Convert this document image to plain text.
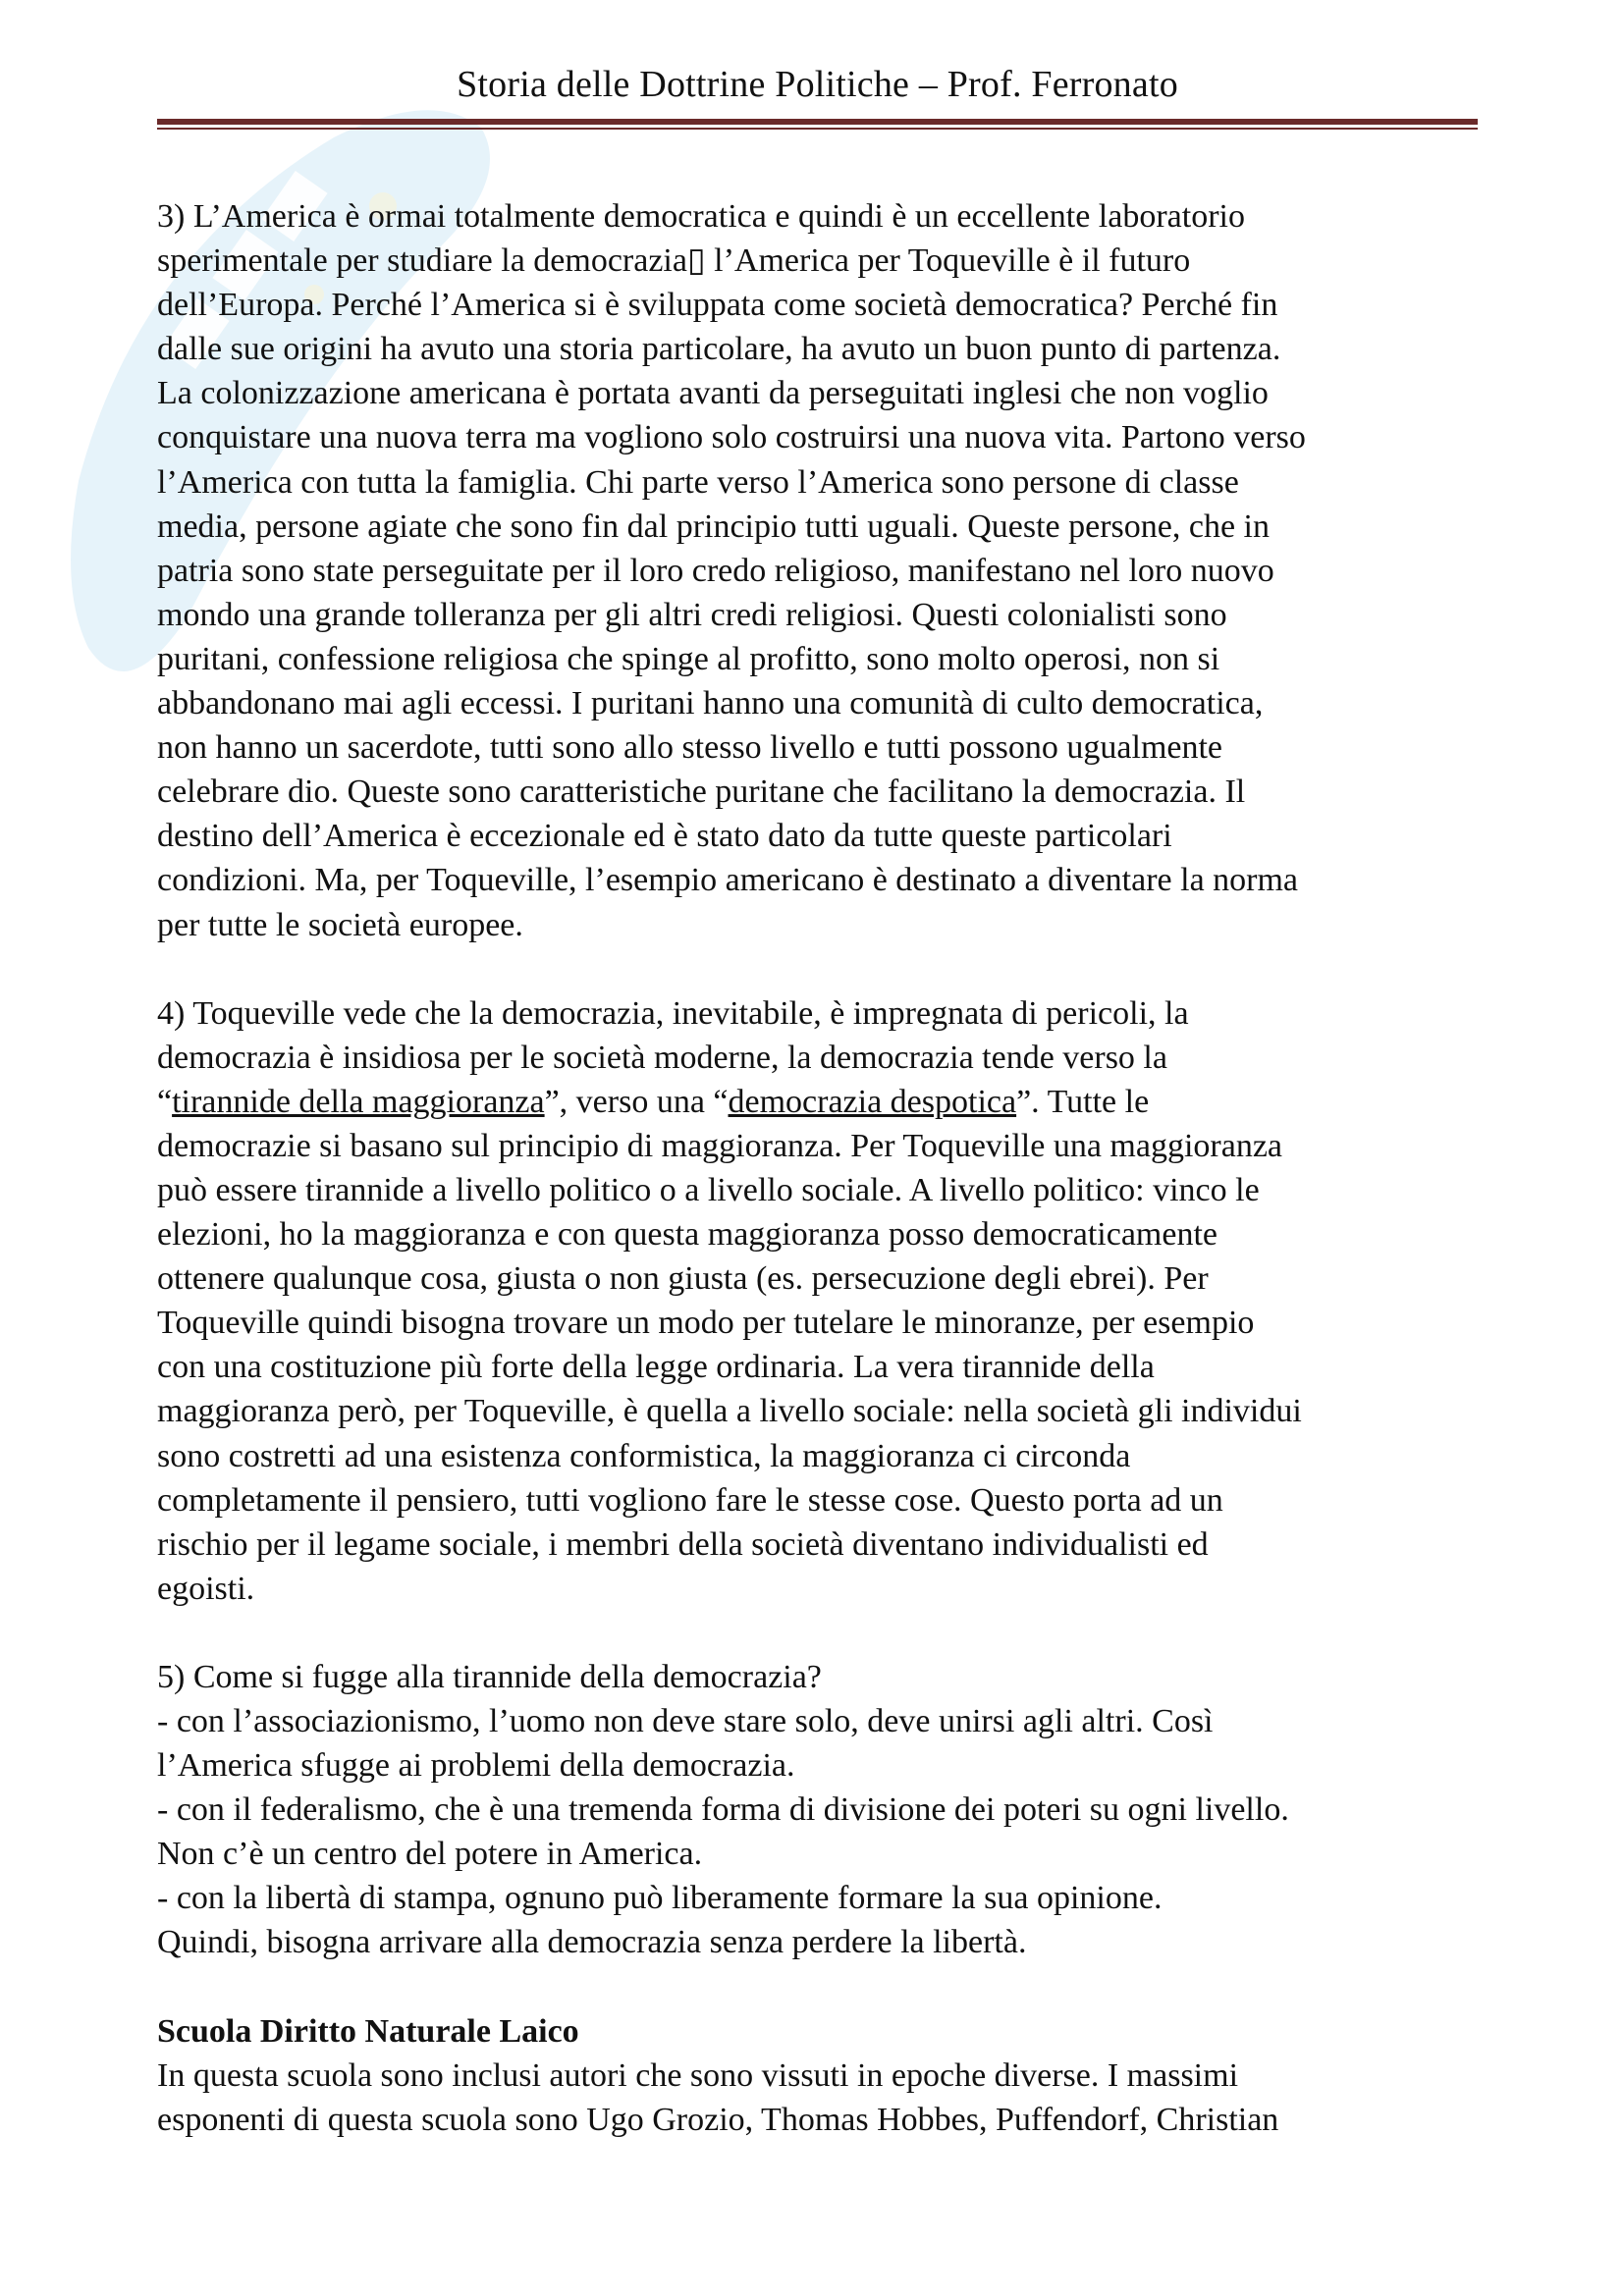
Storia delle Dottrine Politiche – Prof. Ferronato
3) L’America è ormai totalmente democratica e quindi è un eccellente laboratorio
sperimentale per studiare la democrazia▯ l’America per Toqueville è il futuro
dell’Europa. Perché l’America si è sviluppata come società democratica? Perché fin
dalle sue origini ha avuto una storia particolare, ha avuto un buon punto di partenza.
La colonizzazione americana è portata avanti da perseguitati inglesi che non voglio
conquistare una nuova terra ma vogliono solo costruirsi una nuova vita. Partono verso
l’America con tutta la famiglia. Chi parte verso l’America sono persone di classe
media, persone agiate che sono fin dal principio tutti uguali. Queste persone, che in
patria sono state perseguitate per il loro credo religioso, manifestano nel loro nuovo
mondo una grande tolleranza per gli altri credi religiosi. Questi colonialisti sono
puritani, confessione religiosa che spinge al profitto, sono molto operosi, non si
abbandonano mai agli eccessi. I puritani hanno una comunità di culto democratica,
non hanno un sacerdote, tutti sono allo stesso livello e tutti possono ugualmente
celebrare dio. Queste sono caratteristiche puritane che facilitano la democrazia. Il
destino dell’America è eccezionale ed è stato dato da tutte queste particolari
condizioni. Ma, per Toqueville, l’esempio americano è destinato a diventare la norma
per tutte le società europee.
4) Toqueville vede che la democrazia, inevitabile, è impregnata di pericoli, la
democrazia è insidiosa per le società moderne, la democrazia tende verso la
“tirannide della maggioranza”, verso una “democrazia despotica”. Tutte le
democrazie si basano sul principio di maggioranza. Per Toqueville una maggioranza
può essere tirannide a livello politico o a livello sociale. A livello politico: vinco le
elezioni, ho la maggioranza e con questa maggioranza posso democraticamente
ottenere qualunque cosa, giusta o non giusta (es. persecuzione degli ebrei). Per
Toqueville quindi bisogna trovare un modo per tutelare le minoranze, per esempio
con una costituzione più forte della legge ordinaria. La vera tirannide della
maggioranza però, per Toqueville, è quella a livello sociale: nella società gli individui
sono costretti ad una esistenza conformistica, la maggioranza ci circonda
completamente il pensiero, tutti vogliono fare le stesse cose. Questo porta ad un
rischio per il legame sociale, i membri della società diventano individualisti ed
egoisti.
5) Come si fugge alla tirannide della democrazia?
- con l’associazionismo, l’uomo non deve stare solo, deve unirsi agli altri. Così
l’America sfugge ai problemi della democrazia.
- con il federalismo, che è una tremenda forma di divisione dei poteri su ogni livello.
Non c’è un centro del potere in America.
- con la libertà di stampa, ognuno può liberamente formare la sua opinione.
Quindi, bisogna arrivare alla democrazia senza perdere la libertà.
Scuola Diritto Naturale Laico
In questa scuola sono inclusi autori che sono vissuti in epoche diverse. I massimi
esponenti di questa scuola sono Ugo Grozio, Thomas Hobbes, Puffendorf, Christian
